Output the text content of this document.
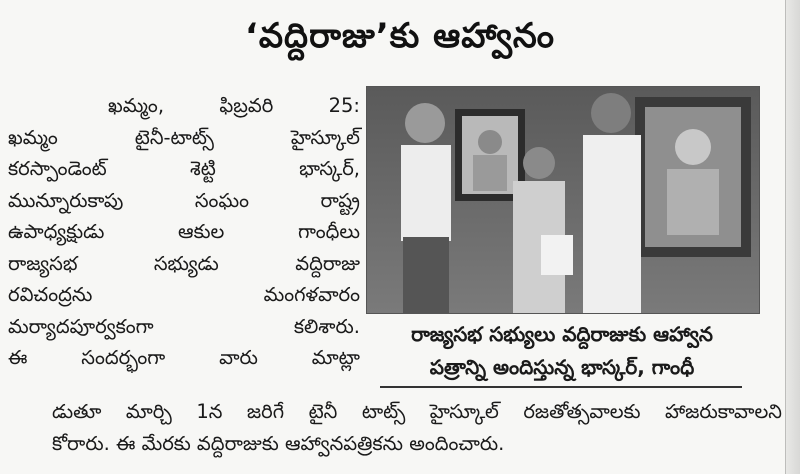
‘వద్దిరాజు’కు ఆహ్వానం
ఖమ్మం, ఫిబ్రవరి 25:
ఖమ్మం టైనీ-టాట్స్ హైస్కూల్
కరస్పాండెంట్ శెట్టి భాస్కర్,
మున్నూరుకాపు సంఘం రాష్ట్ర
ఉపాధ్యక్షుడు ఆకుల గాంధీలు
రాజ్యసభ సభ్యుడు వద్దిరాజు
రవిచంద్రను మంగళవారం
మర్యాదపూర్వకంగా కలిశారు.
ఈ సందర్భంగా వారు మాట్లా
రాజ్యసభ సభ్యులు వద్దిరాజుకు ఆహ్వాన
పత్రాన్ని అందిస్తున్న భాస్కర్, గాంధీ
డుతూ మార్చి 1న జరిగే టైనీ టాట్స్ హైస్కూల్ రజతోత్సవాలకు హాజరుకావాలని
కోరారు. ఈ మేరకు వద్దిరాజుకు ఆహ్వానపత్రికను అందించారు.
